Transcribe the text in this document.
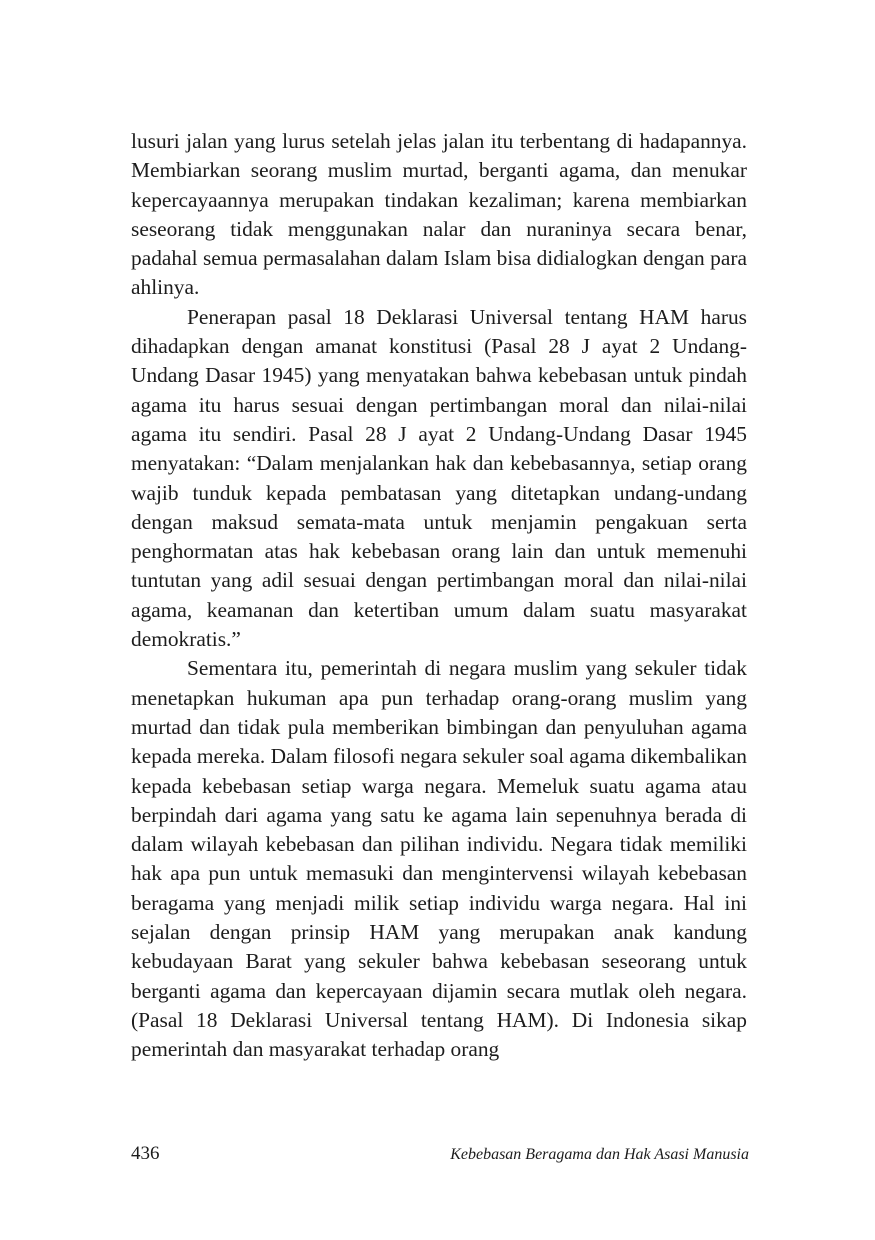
lusuri jalan yang lurus setelah jelas jalan itu terbentang di hadapannya. Membiarkan seorang muslim murtad, berganti agama, dan menukar kepercayaannya merupakan tindakan kezaliman; karena membiarkan seseorang tidak menggunakan nalar dan nuraninya secara benar, padahal semua permasalahan dalam Islam bisa didialogkan dengan para ahlinya.

Penerapan pasal 18 Deklarasi Universal tentang HAM harus dihadapkan dengan amanat konstitusi (Pasal 28 J ayat 2 Undang-Undang Dasar 1945) yang menyatakan bahwa kebebasan untuk pindah agama itu harus sesuai dengan pertimbangan moral dan nilai-nilai agama itu sendiri. Pasal 28 J ayat 2 Undang-Undang Dasar 1945 menyatakan: “Dalam menjalankan hak dan kebebasannya, setiap orang wajib tunduk kepada pembatasan yang ditetapkan undang-undang dengan maksud semata-mata untuk menjamin pengakuan serta penghormatan atas hak kebebasan orang lain dan untuk memenuhi tuntutan yang adil sesuai dengan pertimbangan moral dan nilai-nilai agama, keamanan dan ketertiban umum dalam suatu masyarakat demokratis.”

Sementara itu, pemerintah di negara muslim yang sekuler tidak menetapkan hukuman apa pun terhadap orang-orang muslim yang murtad dan tidak pula memberikan bimbingan dan penyuluhan agama kepada mereka. Dalam filosofi negara sekuler soal agama dikembalikan kepada kebebasan setiap warga negara. Memeluk suatu agama atau berpindah dari agama yang satu ke agama lain sepenuhnya berada di dalam wilayah kebebasan dan pilihan individu. Negara tidak memiliki hak apa pun untuk memasuki dan mengintervensi wilayah kebebasan beragama yang menjadi milik setiap individu warga negara. Hal ini sejalan dengan prinsip HAM yang merupakan anak kandung kebudayaan Barat yang sekuler bahwa kebebasan seseorang untuk berganti agama dan kepercayaan dijamin secara mutlak oleh negara. (Pasal 18 Deklarasi Universal tentang HAM). Di Indonesia sikap pemerintah dan masyarakat terhadap orang

436	Kebebasan Beragama dan Hak Asasi Manusia
